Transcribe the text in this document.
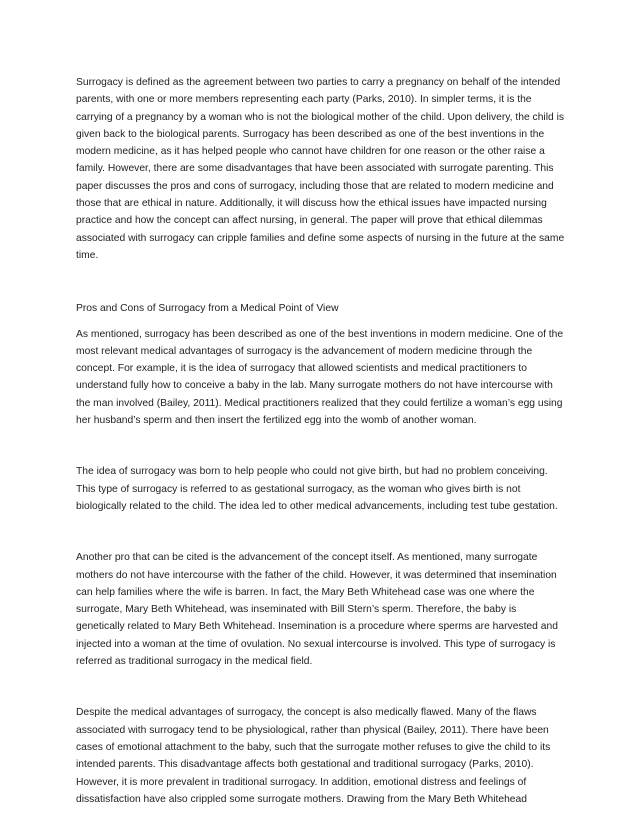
Surrogacy is defined as the agreement between two parties to carry a pregnancy on behalf of the intended parents, with one or more members representing each party (Parks, 2010). In simpler terms, it is the carrying of a pregnancy by a woman who is not the biological mother of the child. Upon delivery, the child is given back to the biological parents. Surrogacy has been described as one of the best inventions in the modern medicine, as it has helped people who cannot have children for one reason or the other raise a family. However, there are some disadvantages that have been associated with surrogate parenting. This paper discusses the pros and cons of surrogacy, including those that are related to modern medicine and those that are ethical in nature. Additionally, it will discuss how the ethical issues have impacted nursing practice and how the concept can affect nursing, in general. The paper will prove that ethical dilemmas associated with surrogacy can cripple families and define some aspects of nursing in the future at the same time.

Pros and Cons of Surrogacy from a Medical Point of View

As mentioned, surrogacy has been described as one of the best inventions in modern medicine. One of the most relevant medical advantages of surrogacy is the advancement of modern medicine through the concept. For example, it is the idea of surrogacy that allowed scientists and medical practitioners to understand fully how to conceive a baby in the lab. Many surrogate mothers do not have intercourse with the man involved (Bailey, 2011). Medical practitioners realized that they could fertilize a woman’s egg using her husband’s sperm and then insert the fertilized egg into the womb of another woman.

The idea of surrogacy was born to help people who could not give birth, but had no problem conceiving. This type of surrogacy is referred to as gestational surrogacy, as the woman who gives birth is not biologically related to the child. The idea led to other medical advancements, including test tube gestation.

Another pro that can be cited is the advancement of the concept itself. As mentioned, many surrogate mothers do not have intercourse with the father of the child. However, it was determined that insemination can help families where the wife is barren. In fact, the Mary Beth Whitehead case was one where the surrogate, Mary Beth Whitehead, was inseminated with Bill Stern’s sperm. Therefore, the baby is genetically related to Mary Beth Whitehead. Insemination is a procedure where sperms are harvested and injected into a woman at the time of ovulation. No sexual intercourse is involved. This type of surrogacy is referred as traditional surrogacy in the medical field.

Despite the medical advantages of surrogacy, the concept is also medically flawed. Many of the flaws associated with surrogacy tend to be physiological, rather than physical (Bailey, 2011). There have been cases of emotional attachment to the baby, such that the surrogate mother refuses to give the child to its intended parents. This disadvantage affects both gestational and traditional surrogacy (Parks, 2010). However, it is more prevalent in traditional surrogacy. In addition, emotional distress and feelings of dissatisfaction have also crippled some surrogate mothers. Drawing from the Mary Beth Whitehead
